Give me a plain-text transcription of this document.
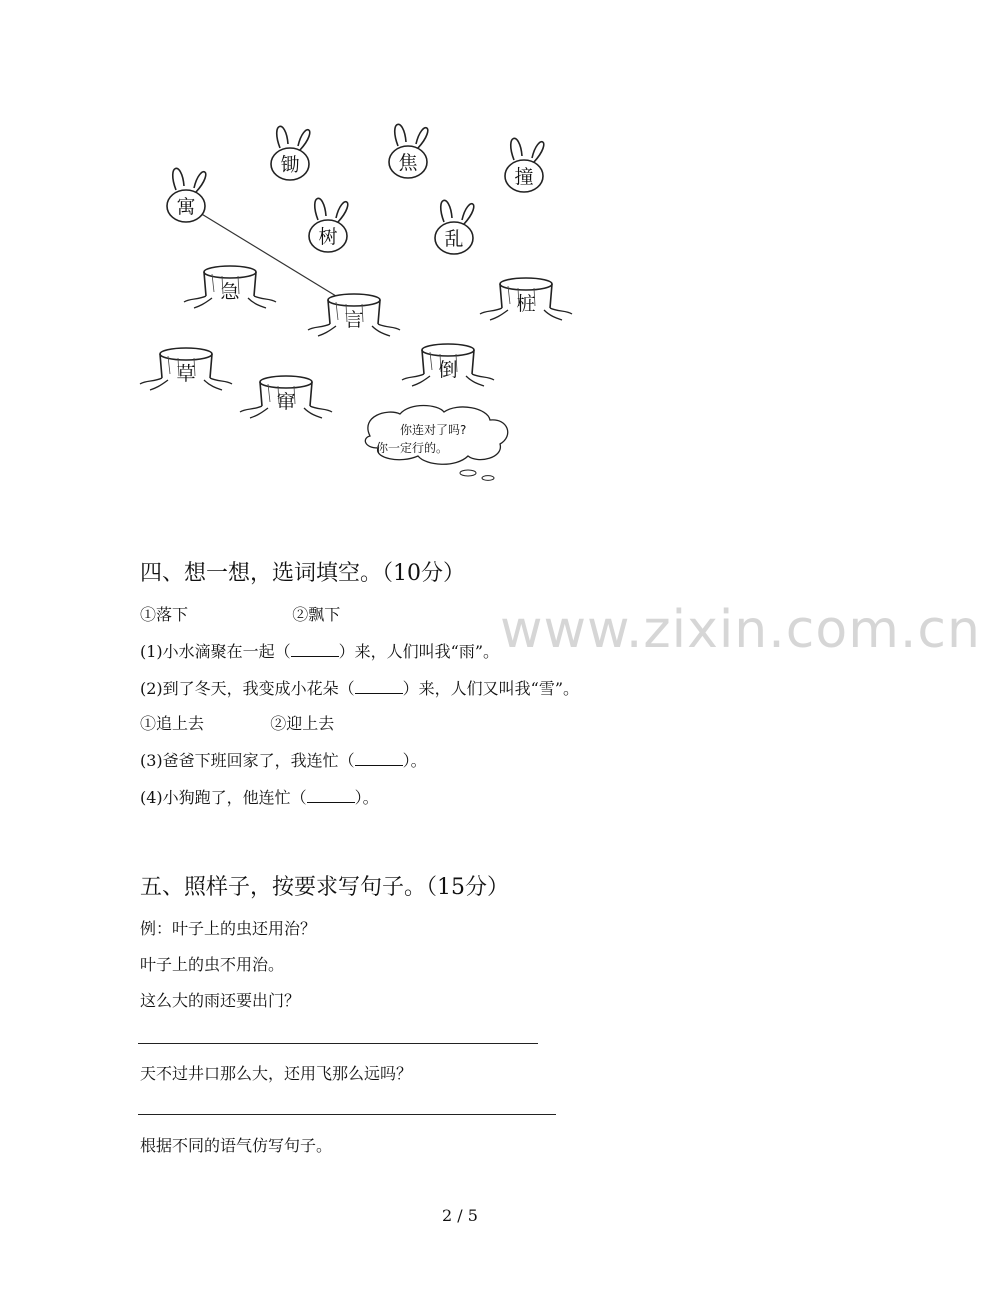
寓
锄	焦
撞
树	乱
急
言
桩
草
窜
倒
你连对了吗?
你一定行的。
www.zixin.com.cn
四、想一想，选词填空。（10分）
①落下	②飘下
(1)小水滴聚在一起（	）来，人们叫我“雨”。
(2)到了冬天，我变成小花朵（	）来，人们又叫我“雪”。
①追上去	②迎上去
(3)爸爸下班回家了，我连忙（	）。
(4)小狗跑了，他连忙（	）。
五、照样子，按要求写句子。（15分）
例：叶子上的虫还用治？
叶子上的虫不用治。
这么大的雨还要出门？
天不过井口那么大，还用飞那么远吗？
根据不同的语气仿写句子。
2 / 5
